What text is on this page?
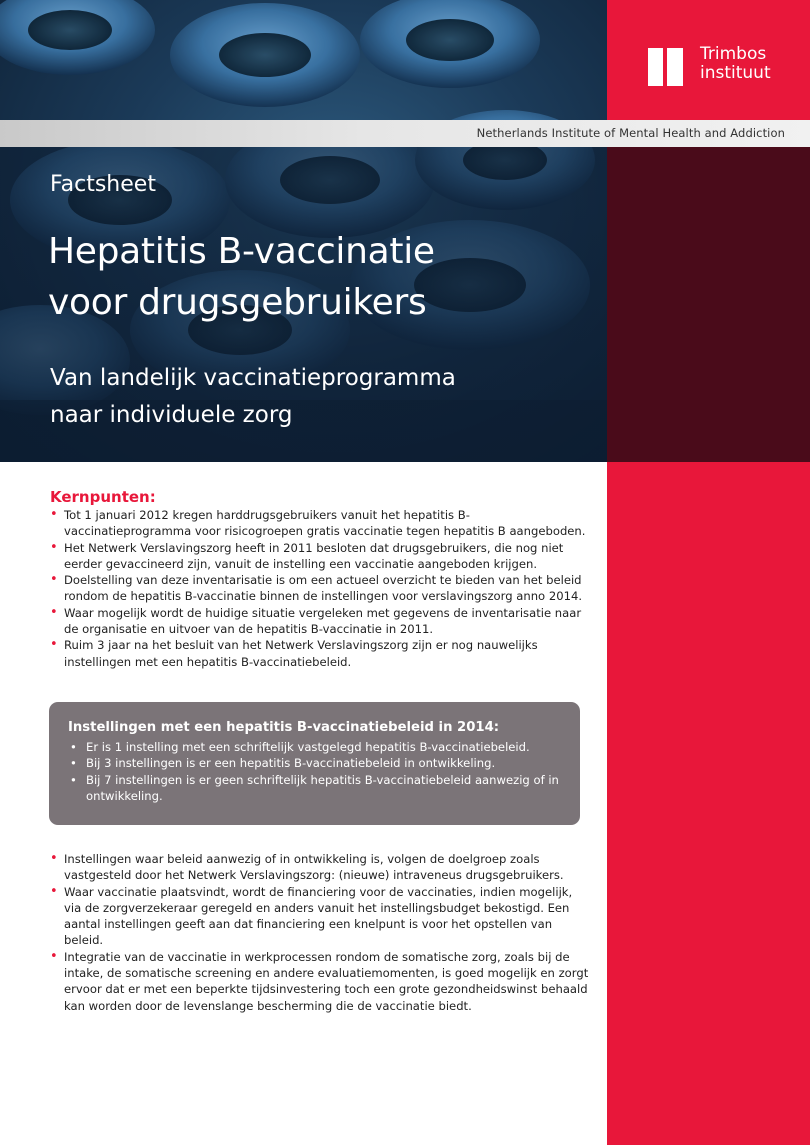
Netherlands Institute of Mental Health and Addiction
Trimbos
instituut
Factsheet
Hepatitis B-vaccinatie
voor drugsgebruikers
Van landelijk vaccinatieprogramma
naar individuele zorg
Kernpunten:
• Tot 1 januari 2012 kregen harddrugsgebruikers vanuit het hepatitis B-vaccinatieprogramma voor risicogroepen gratis vaccinatie tegen hepatitis B aangeboden.
• Het Netwerk Verslavingszorg heeft in 2011 besloten dat drugsgebruikers, die nog niet eerder gevaccineerd zijn, vanuit de instelling een vaccinatie aangeboden krijgen.
• Doelstelling van deze inventarisatie is om een actueel overzicht te bieden van het beleid rondom de hepatitis B-vaccinatie binnen de instellingen voor verslavingszorg anno 2014.
• Waar mogelijk wordt de huidige situatie vergeleken met gegevens de inventarisatie naar de organisatie en uitvoer van de hepatitis B-vaccinatie in 2011.
• Ruim 3 jaar na het besluit van het Netwerk Verslavingszorg zijn er nog nauwelijks instellingen met een hepatitis B-vaccinatiebeleid.
Instellingen met een hepatitis B-vaccinatiebeleid in 2014:
• Er is 1 instelling met een schriftelijk vastgelegd hepatitis B-vaccinatiebeleid.
• Bij 3 instellingen is er een hepatitis B-vaccinatiebeleid in ontwikkeling.
• Bij 7 instellingen is er geen schriftelijk hepatitis B-vaccinatiebeleid aanwezig of in ontwikkeling.
• Instellingen waar beleid aanwezig of in ontwikkeling is, volgen de doelgroep zoals vastgesteld door het Netwerk Verslavingszorg: (nieuwe) intraveneus drugsgebruikers.
• Waar vaccinatie plaatsvindt, wordt de financiering voor de vaccinaties, indien mogelijk, via de zorgverzekeraar geregeld en anders vanuit het instellingsbudget bekostigd. Een aantal instellingen geeft aan dat financiering een knelpunt is voor het opstellen van beleid.
• Integratie van de vaccinatie in werkprocessen rondom de somatische zorg, zoals bij de intake, de somatische screening en andere evaluatiemomenten, is goed mogelijk en zorgt ervoor dat er met een beperkte tijdsinvestering toch een grote gezondheidswinst behaald kan worden door de levenslange bescherming die de vaccinatie biedt.
